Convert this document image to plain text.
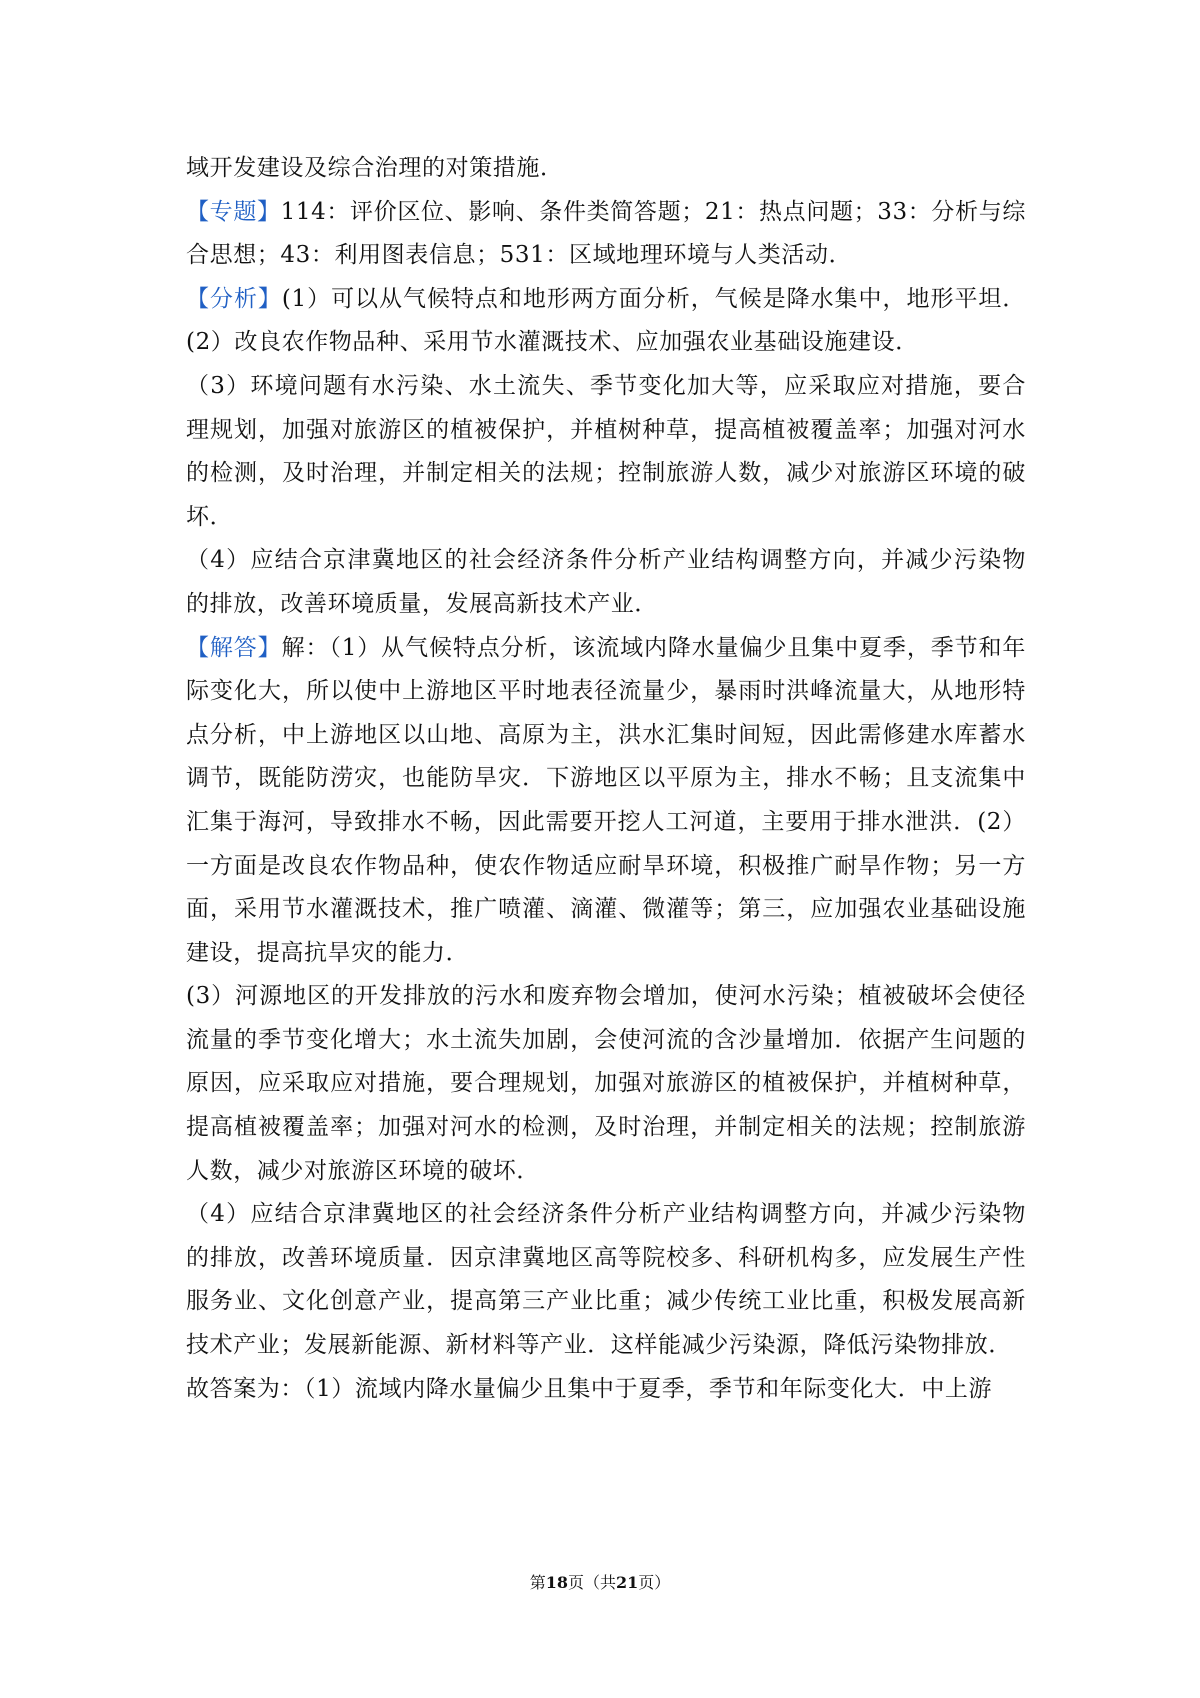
域开发建设及综合治理的对策措施．

【专题】114：评价区位、影响、条件类简答题；21：热点问题；33：分析与综合思想；43：利用图表信息；531：区域地理环境与人类活动．

【分析】(1）可以从气候特点和地形两方面分析，气候是降水集中，地形平坦．(2）改良农作物品种、采用节水灌溉技术、应加强农业基础设施建设．

（3）环境问题有水污染、水土流失、季节变化加大等，应采取应对措施，要合理规划，加强对旅游区的植被保护，并植树种草，提高植被覆盖率；加强对河水的检测，及时治理，并制定相关的法规；控制旅游人数，减少对旅游区环境的破坏．

（4）应结合京津冀地区的社会经济条件分析产业结构调整方向，并减少污染物的排放，改善环境质量，发展高新技术产业．

【解答】解：（1）从气候特点分析，该流域内降水量偏少且集中夏季，季节和年际变化大，所以使中上游地区平时地表径流量少，暴雨时洪峰流量大，从地形特点分析，中上游地区以山地、高原为主，洪水汇集时间短，因此需修建水库蓄水调节，既能防涝灾，也能防旱灾．下游地区以平原为主，排水不畅；且支流集中汇集于海河，导致排水不畅，因此需要开挖人工河道，主要用于排水泄洪．(2）一方面是改良农作物品种，使农作物适应耐旱环境，积极推广耐旱作物；另一方面，采用节水灌溉技术，推广喷灌、滴灌、微灌等；第三，应加强农业基础设施建设，提高抗旱灾的能力．

(3）河源地区的开发排放的污水和废弃物会增加，使河水污染；植被破坏会使径流量的季节变化增大；水土流失加剧，会使河流的含沙量增加．依据产生问题的原因，应采取应对措施，要合理规划，加强对旅游区的植被保护，并植树种草，提高植被覆盖率；加强对河水的检测，及时治理，并制定相关的法规；控制旅游人数，减少对旅游区环境的破坏．

（4）应结合京津冀地区的社会经济条件分析产业结构调整方向，并减少污染物的排放，改善环境质量．因京津冀地区高等院校多、科研机构多，应发展生产性服务业、文化创意产业，提高第三产业比重；减少传统工业比重，积极发展高新技术产业；发展新能源、新材料等产业．这样能减少污染源，降低污染物排放．

故答案为：（1）流域内降水量偏少且集中于夏季，季节和年际变化大．中上游

第18页（共21页）
